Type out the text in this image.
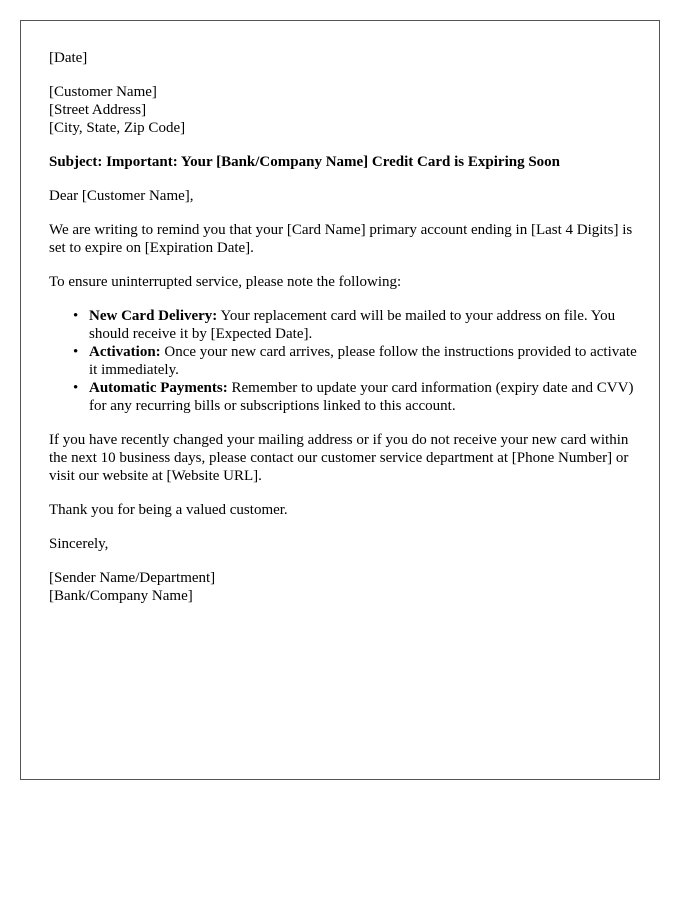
[Date]
[Customer Name]
[Street Address]
[City, State, Zip Code]
Subject: Important: Your [Bank/Company Name] Credit Card is Expiring Soon
Dear [Customer Name],
We are writing to remind you that your [Card Name] primary account ending in [Last 4 Digits] is set to expire on [Expiration Date].
To ensure uninterrupted service, please note the following:
• New Card Delivery: Your replacement card will be mailed to your address on file. You should receive it by [Expected Date].
• Activation: Once your new card arrives, please follow the instructions provided to activate it immediately.
• Automatic Payments: Remember to update your card information (expiry date and CVV) for any recurring bills or subscriptions linked to this account.
If you have recently changed your mailing address or if you do not receive your new card within the next 10 business days, please contact our customer service department at [Phone Number] or visit our website at [Website URL].
Thank you for being a valued customer.
Sincerely,
[Sender Name/Department]
[Bank/Company Name]
